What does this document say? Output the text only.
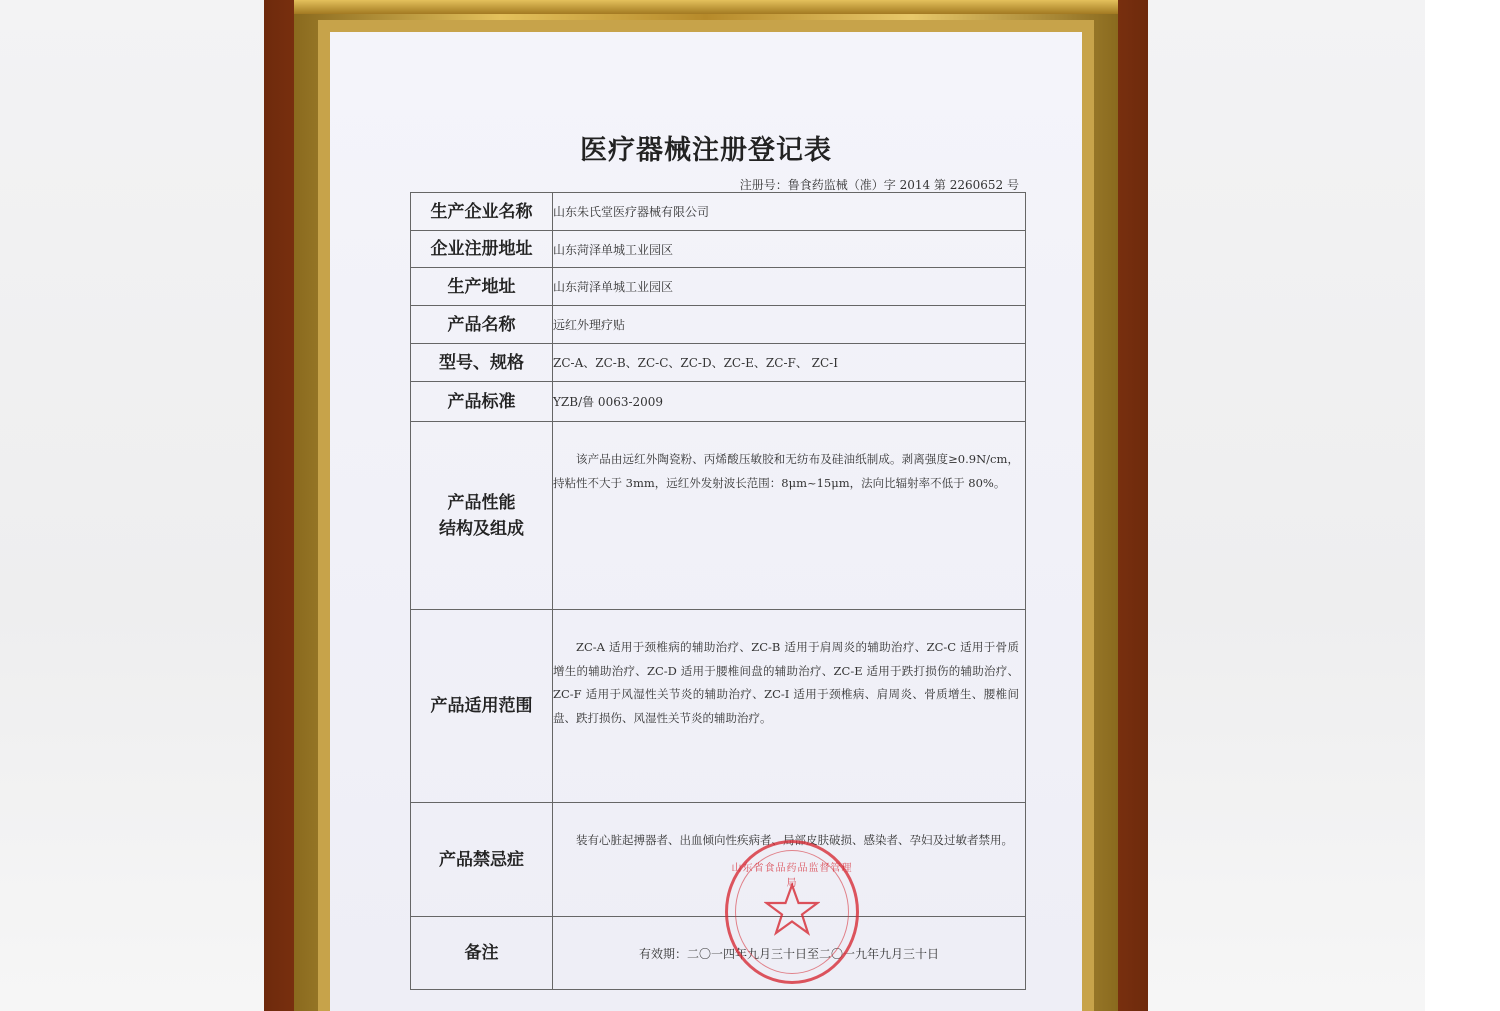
医疗器械注册登记表
注册号：鲁食药监械（准）字 2014 第 2260652 号
生产企业名称	山东朱氏堂医疗器械有限公司
企业注册地址	山东菏泽单城工业园区
生产地址	山东菏泽单城工业园区
产品名称	远红外理疗贴
型号、规格	ZC-A、ZC-B、ZC-C、ZC-D、ZC-E、ZC-F、 ZC-I
产品标准	YZB/鲁 0063-2009

产品性能
结构及组成	该产品由远红外陶瓷粉、丙烯酸压敏胶和无纺布及硅油纸制成。剥离强度≥0.9N/cm，持粘性不大于 3mm，远红外发射波长范围：8μm~15μm，法向比辐射率不低于 80%。

产品适用范围	ZC-A 适用于颈椎病的辅助治疗、ZC-B 适用于肩周炎的辅助治疗、ZC-C 适用于骨质增生的辅助治疗、ZC-D 适用于腰椎间盘的辅助治疗、ZC-E 适用于跌打损伤的辅助治疗、ZC-F 适用于风湿性关节炎的辅助治疗、ZC-I 适用于颈椎病、肩周炎、骨质增生、腰椎间盘、跌打损伤、风湿性关节炎的辅助治疗。

产品禁忌症	装有心脏起搏器者、出血倾向性疾病者、局部皮肤破损、感染者、孕妇及过敏者禁用。

备注	有效期：二〇一四年九月三十日至二〇一九年九月三十日
山东省食品药品监督管理局
